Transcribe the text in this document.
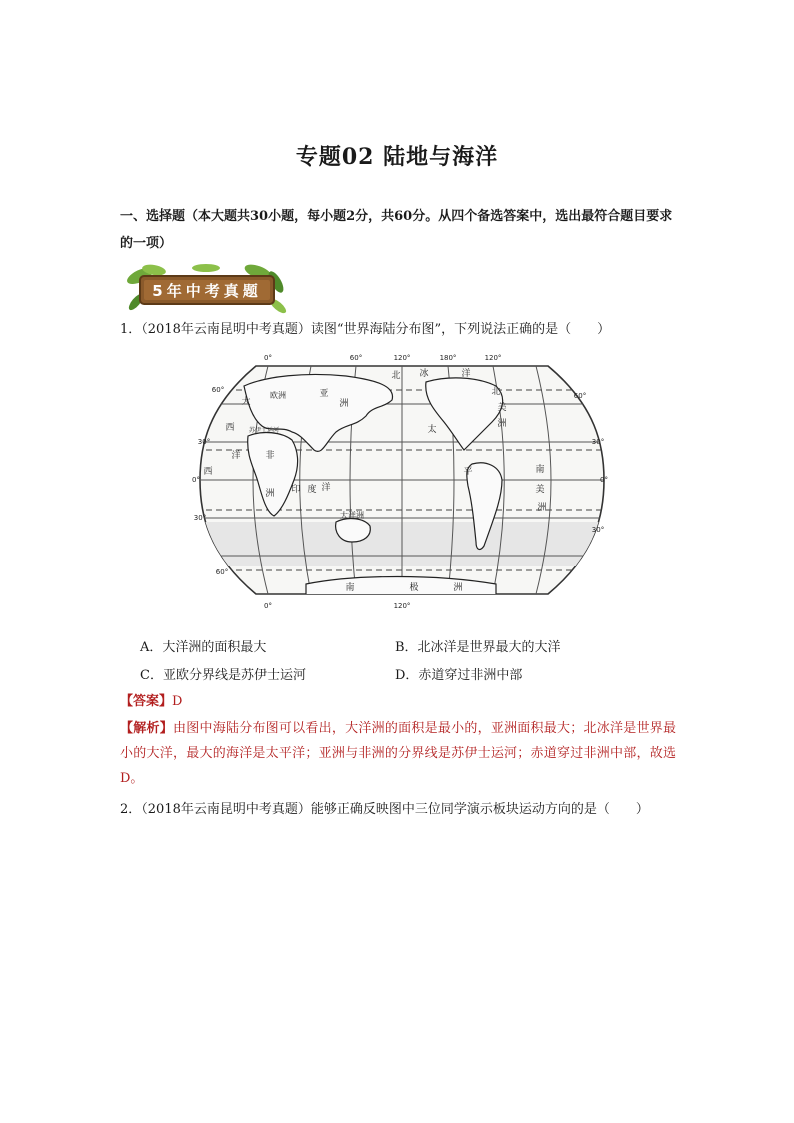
专题02 陆地与海洋
一、选择题（本大题共30小题，每小题2分，共60分。从四个备选答案中，选出最符合题目要求的一项）
5年中考真题
1．（2018年云南昆明中考真题）读图“世界海陆分布图”，下列说法正确的是（　　）
0°	60°	120°	180°	120°
0°	120°
60°
30°
0°
30°
60°
60°
30°
0°
30°
北 冰	洋
欧洲	亚
洲
大
北
美
洲
西
洋
太
苏伊士运河
非
平
西
印 度 洋
大洋洲
洲
南
美
洲
南	极	洲
A．大洋洲的面积最大	B．北冰洋是世界最大的大洋
C．亚欧分界线是苏伊士运河	D．赤道穿过非洲中部
【答案】D
【解析】由图中海陆分布图可以看出，大洋洲的面积是最小的，亚洲面积最大；北冰洋是世界最小的大洋，最大的海洋是太平洋；亚洲与非洲的分界线是苏伊士运河；赤道穿过非洲中部，故选D。
2．（2018年云南昆明中考真题）能够正确反映图中三位同学演示板块运动方向的是（　　）
